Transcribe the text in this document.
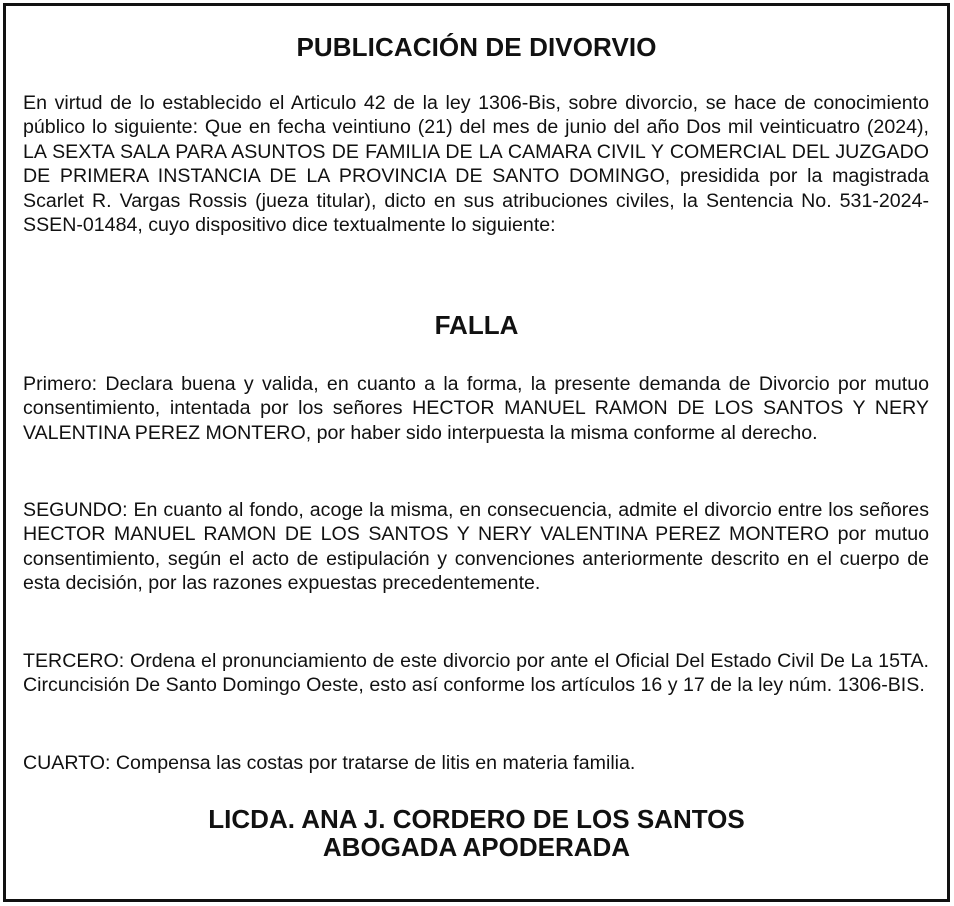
PUBLICACIÓN DE DIVORVIO

En virtud de lo establecido el Articulo 42 de la ley 1306-Bis, sobre divorcio, se hace de conocimiento público lo siguiente: Que en fecha veintiuno (21) del mes de junio del año Dos mil veinticuatro (2024), LA SEXTA SALA PARA ASUNTOS DE FAMILIA DE LA CAMARA CIVIL Y COMERCIAL DEL JUZGADO DE PRIMERA INSTANCIA DE LA PROVINCIA DE SANTO DOMINGO, presidida por la magistrada Scarlet R. Vargas Rossis (jueza titular), dicto en sus atribuciones civiles, la Sentencia No. 531-2024-SSEN-01484, cuyo dispositivo dice textualmente lo siguiente:

FALLA

Primero: Declara buena y valida, en cuanto a la forma, la presente demanda de Divorcio por mutuo consentimiento, intentada por los señores HECTOR MANUEL RAMON DE LOS SANTOS Y NERY VALENTINA PEREZ MONTERO, por haber sido interpuesta la misma conforme al derecho.

SEGUNDO: En cuanto al fondo, acoge la misma, en consecuencia, admite el divorcio entre los señores HECTOR MANUEL RAMON DE LOS SANTOS Y NERY VALENTINA PEREZ MONTERO por mutuo consentimiento, según el acto de estipulación y convenciones anteriormente descrito en el cuerpo de esta decisión, por las razones expuestas precedentemente.

TERCERO: Ordena el pronunciamiento de este divorcio por ante el Oficial Del Estado Civil De La 15TA. Circuncisión De Santo Domingo Oeste, esto así conforme los artículos 16 y 17 de la ley núm. 1306-BIS.

CUARTO: Compensa las costas por tratarse de litis en materia familia.

LICDA. ANA J. CORDERO DE LOS SANTOS
ABOGADA APODERADA
